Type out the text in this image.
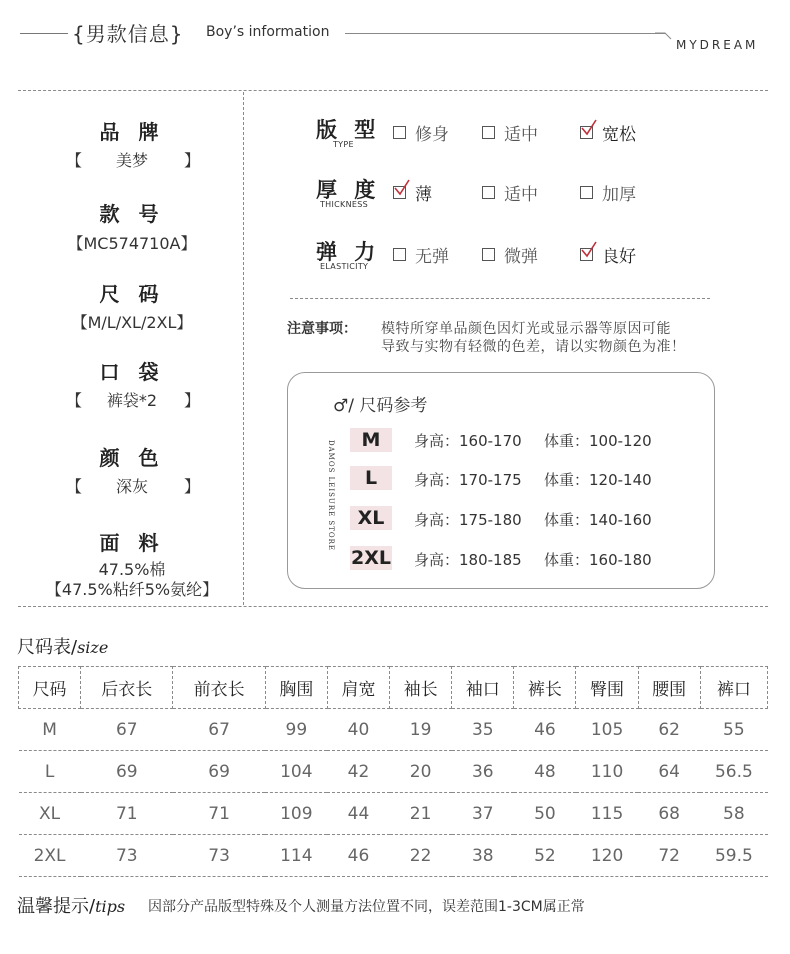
{男款信息} Boy’s information
MYDREAM
品 牌
美梦
【	】
款 号
【MC574710A】
尺 码
【M/L/XL/2XL】
口 袋
裤袋*2
【	】
颜 色
深灰
【	】
面 料
47.5%棉
【47.5%粘纤5%氨纶】
版 型
TYPE	修身	适中	宽松
厚 度
THICKNESS	薄	适中	加厚
弹 力
ELASTICITY	无弹	微弹	良好
注意事项： 模特所穿单品颜色因灯光或显示器等原因可能
导致与实物有轻微的色差，请以实物颜色为准！
♂/ 尺码参考
DAMOS LEISURE STORE	M	身高：160-170 体重：100-120
L	身高：170-175 体重：120-140
XL	身高：175-180 体重：140-160
2XL 身高：180-185 体重：160-180
尺码表/size
尺码	后衣长	前衣长	胸围	肩宽	袖长	袖口	裤长	臀围	腰围	裤口
M	67	67	99	40	19	35	46	105	62	55
L	69	69	104	42	20	36	48	110	64	56.5
XL	71	71	109	44	21	37	50	115	68	58
2XL	73	73	114	46	22	38	52	120	72	59.5
温馨提示/tips 因部分产品版型特殊及个人测量方法位置不同，误差范围1-3CM属正常
